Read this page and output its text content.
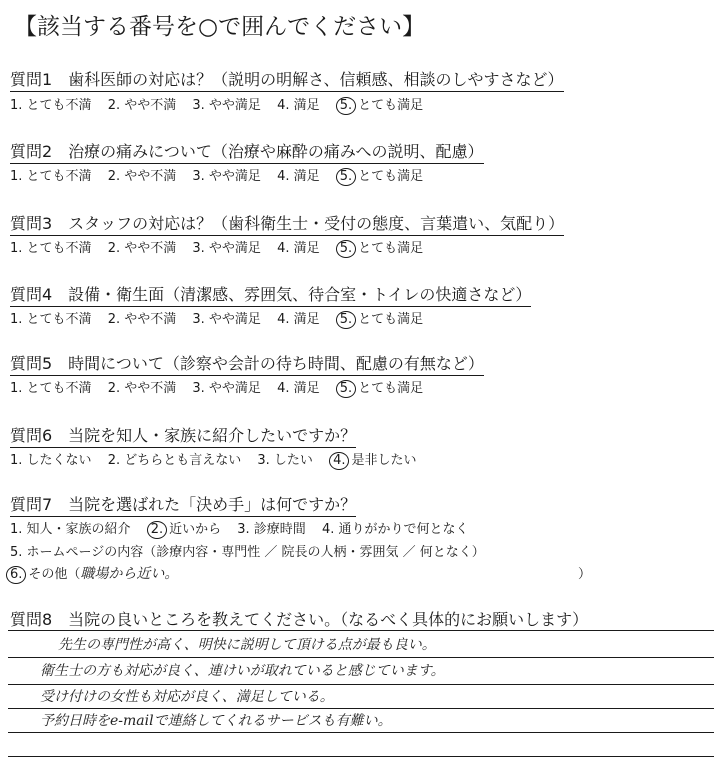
【該当する番号を○で囲んでください】
質問1　歯科医師の対応は？（説明の明解さ、信頼感、相談のしやすさなど）
1. とても不満 2. やや不満 3. やや満足 4. 満足 5. とても満足
質問2　治療の痛みについて（治療や麻酔の痛みへの説明、配慮）
1. とても不満 2. やや不満 3. やや満足 4. 満足 5. とても満足
質問3　スタッフの対応は？（歯科衛生士・受付の態度、言葉遣い、気配り）
1. とても不満 2. やや不満 3. やや満足 4. 満足 5. とても満足
質問4　設備・衛生面（清潔感、雰囲気、待合室・トイレの快適さなど）
1. とても不満 2. やや不満 3. やや満足 4. 満足 5. とても満足
質問5　時間について（診察や会計の待ち時間、配慮の有無など）
1. とても不満 2. やや不満 3. やや満足 4. 満足 5. とても満足
質問6　当院を知人・家族に紹介したいですか？
1. したくない 2. どちらとも言えない 3. したい 4. 是非したい
質問7　当院を選ばれた「決め手」は何ですか？
1. 知人・家族の紹介 2. 近いから 3. 診療時間 4. 通りがかりで何となく
5. ホームページの内容（診療内容・専門性 ／ 院長の人柄・雰囲気 ／ 何となく）
6. その他（職場から近い。	）
質問8　当院の良いところを教えてください。（なるべく具体的にお願いします）
先生の専門性が高く、明快に説明して頂ける点が最も良い。
衛生士の方も対応が良く、連けいが取れていると感じています。
受け付けの女性も対応が良く、満足している。
予約日時をe-mailで連絡してくれるサービスも有難い。
